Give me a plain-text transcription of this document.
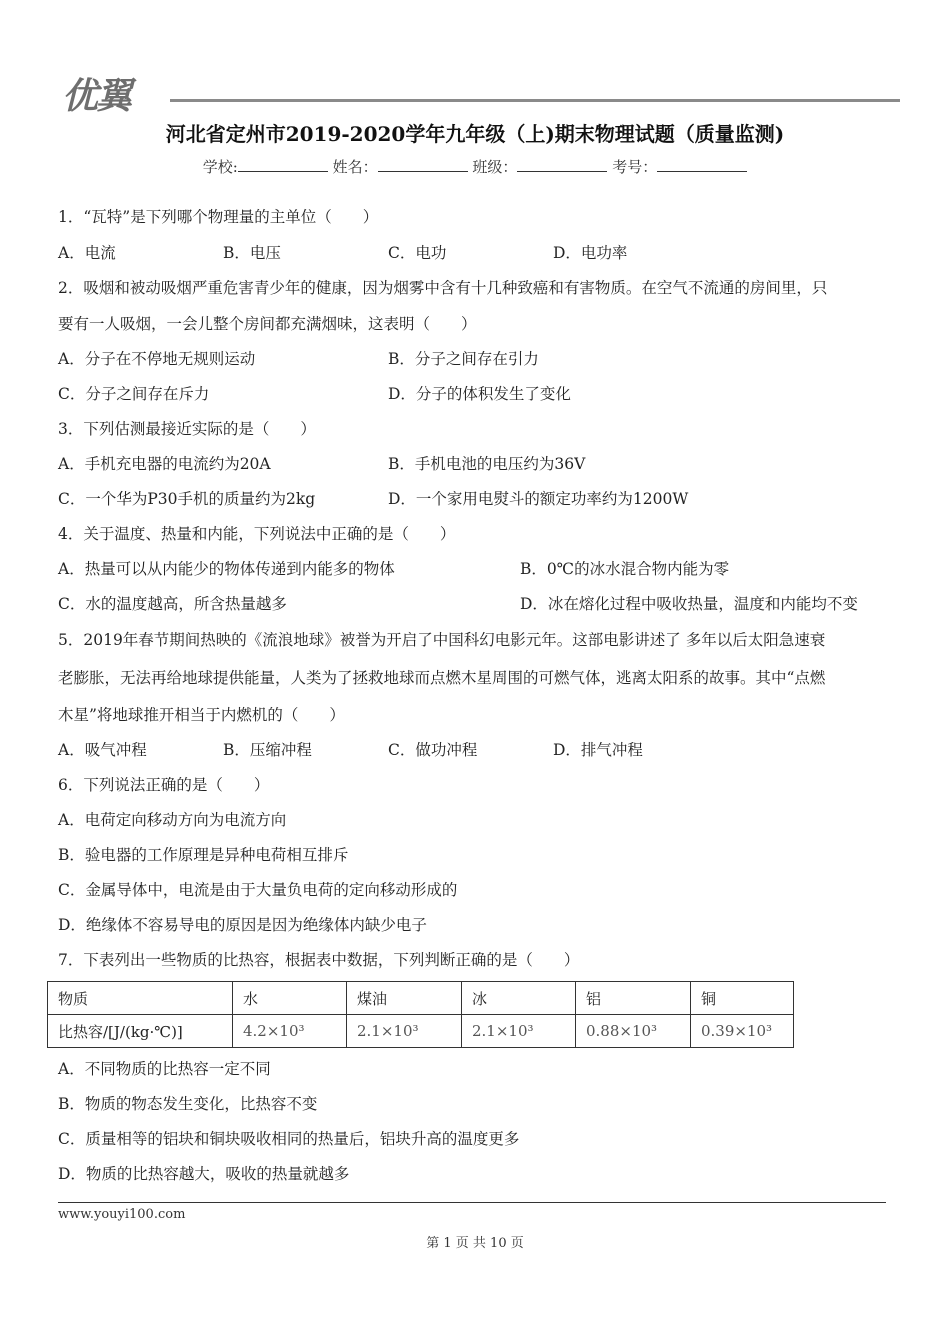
优翼
河北省定州市2019-2020学年九年级（上)期末物理试题（质量监测)
学校:	姓名：	班级：	考号：
1．“瓦特”是下列哪个物理量的主单位（　　）
A．电流	B．电压	C．电功	D．电功率
2．吸烟和被动吸烟严重危害青少年的健康，因为烟雾中含有十几种致癌和有害物质。在空气不流通的房间里，只
要有一人吸烟，一会儿整个房间都充满烟味，这表明（　　）
A．分子在不停地无规则运动	B．分子之间存在引力
C．分子之间存在斥力	D．分子的体积发生了变化
3．下列估测最接近实际的是（　　）
A．手机充电器的电流约为20A	B．手机电池的电压约为36V
C．一个华为P30手机的质量约为2kg	D．一个家用电熨斗的额定功率约为1200W
4．关于温度、热量和内能，下列说法中正确的是（　　）
A．热量可以从内能少的物体传递到内能多的物体	B．0℃的冰水混合物内能为零
C．水的温度越高，所含热量越多	D．冰在熔化过程中吸收热量，温度和内能均不变
5．2019年春节期间热映的《流浪地球》被誉为开启了中国科幻电影元年。这部电影讲述了 多年以后太阳急速衰
老膨胀，无法再给地球提供能量，人类为了拯救地球而点燃木星周围的可燃气体，逃离太阳系的故事。其中“点燃
木星”将地球推开相当于内燃机的（　　）
A．吸气冲程	B．压缩冲程	C．做功冲程	D．排气冲程
6．下列说法正确的是（　　）
A．电荷定向移动方向为电流方向
B．验电器的工作原理是异种电荷相互排斥
C．金属导体中，电流是由于大量负电荷的定向移动形成的
D．绝缘体不容易导电的原因是因为绝缘体内缺少电子
7．下表列出一些物质的比热容，根据表中数据，下列判断正确的是（　　）
物质	水	煤油	冰	铝	铜
比热容/[J/(kg·℃)]	4.2×10³	2.1×10³	2.1×10³	0.88×10³	0.39×10³
A．不同物质的比热容一定不同
B．物质的物态发生变化，比热容不变
C．质量相等的铝块和铜块吸收相同的热量后，铝块升高的温度更多
D．物质的比热容越大，吸收的热量就越多
www.youyi100.com
第 1 页 共 10 页
